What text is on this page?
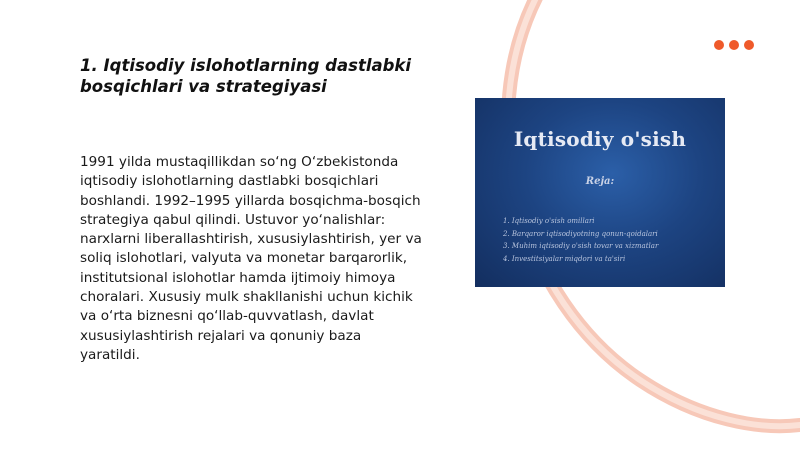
1. Iqtisodiy islohotlarning dastlabki
bosqichlari va strategiyasi

1991 yilda mustaqillikdan so‘ng O‘zbekistonda iqtisodiy islohotlarning dastlabki bosqichlari boshlandi. 1992–1995 yillarda bosqichma-bosqich strategiya qabul qilindi. Ustuvor yo‘nalishlar: narxlarni liberallashtirish, xususiylashtirish, yer va soliq islohotlari, valyuta va monetar barqarorlik, institutsional islohotlar hamda ijtimoiy himoya choralari. Xususiy mulk shakllanishi uchun kichik va o‘rta biznesni qo‘llab-quvvatlash, davlat xususiylashtirish rejalari va qonuniy baza yaratildi.

Iqtisodiy o'sish
Reja:
1. Iqtisodiy o'sish omillari
2. Barqaror iqtisodiyotning qonun-qoidalari
3. Muhim iqtisodiy o'sish tovar va xizmatlar
4. Investitsiyalar miqdori va ta'siri
